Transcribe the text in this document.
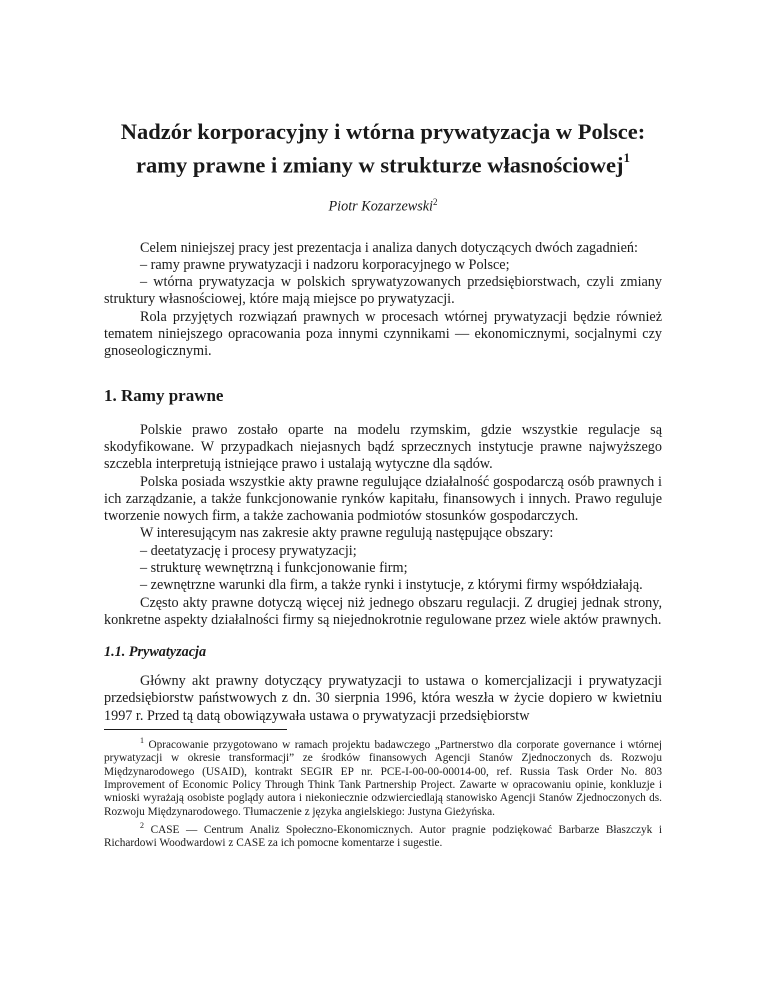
Nadzór korporacyjny i wtórna prywatyzacja w Polsce:
ramy prawne i zmiany w strukturze własnościowej$^1$
Piotr Kozarzewski$^2$

Celem niniejszej pracy jest prezentacja i analiza danych dotyczących dwóch zagadnień:

– ramy prawne prywatyzacji i nadzoru korporacyjnego w Polsce;

– wtórna prywatyzacja w polskich sprywatyzowanych przedsiębiorstwach, czyli zmiany struktury własnościowej, które mają miejsce po prywatyzacji.

Rola przyjętych rozwiązań prawnych w procesach wtórnej prywatyzacji będzie również tematem niniejszego opracowania poza innymi czynnikami — ekonomicznymi, socjalnymi czy gnoseologicznymi.

1. Ramy prawne

Polskie prawo zostało oparte na modelu rzymskim, gdzie wszystkie regulacje są skodyfikowane. W przypadkach niejasnych bądź sprzecznych instytucje prawne najwyższego szczebla interpretują istniejące prawo i ustalają wytyczne dla sądów.

Polska posiada wszystkie akty prawne regulujące działalność gospodarczą osób prawnych i ich zarządzanie, a także funkcjonowanie rynków kapitału, finansowych i innych. Prawo reguluje tworzenie nowych firm, a także zachowania podmiotów stosunków gospodarczych.

W interesującym nas zakresie akty prawne regulują następujące obszary:

– deetatyzację i procesy prywatyzacji;

– strukturę wewnętrzną i funkcjonowanie firm;

– zewnętrzne warunki dla firm, a także rynki i instytucje, z którymi firmy współdziałają.

Często akty prawne dotyczą więcej niż jednego obszaru regulacji. Z drugiej jednak strony, konkretne aspekty działalności firmy są niejednokrotnie regulowane przez wiele aktów prawnych.

1.1. Prywatyzacja

Główny akt prawny dotyczący prywatyzacji to ustawa o komercjalizacji i prywatyzacji przedsiębiorstw państwowych z dn. 30 sierpnia 1996, która weszła w życie dopiero w kwietniu 1997 r. Przed tą datą obowiązywała ustawa o prywatyzacji przedsiębiorstw

$^1$ Opracowanie przygotowano w ramach projektu badawczego „Partnerstwo dla corporate governance i wtórnej prywatyzacji w okresie transformacji” ze środków finansowych Agencji Stanów Zjednoczonych ds. Rozwoju Międzynarodowego (USAID), kontrakt SEGIR EP nr. PCE-I-00-00-00014-00, ref. Russia Task Order No. 803 Improvement of Economic Policy Through Think Tank Partnership Project. Zawarte w opracowaniu opinie, konkluzje i wnioski wyrażają osobiste poglądy autora i niekoniecznie odzwierciedlają stanowisko Agencji Stanów Zjednoczonych ds. Rozwoju Międzynarodowego. Tłumaczenie z języka angielskiego: Justyna Gieżyńska.

$^2$ CASE — Centrum Analiz Społeczno-Ekonomicznych. Autor pragnie podziękować Barbarze Błaszczyk i Richardowi Woodwardowi z CASE za ich pomocne komentarze i sugestie.
